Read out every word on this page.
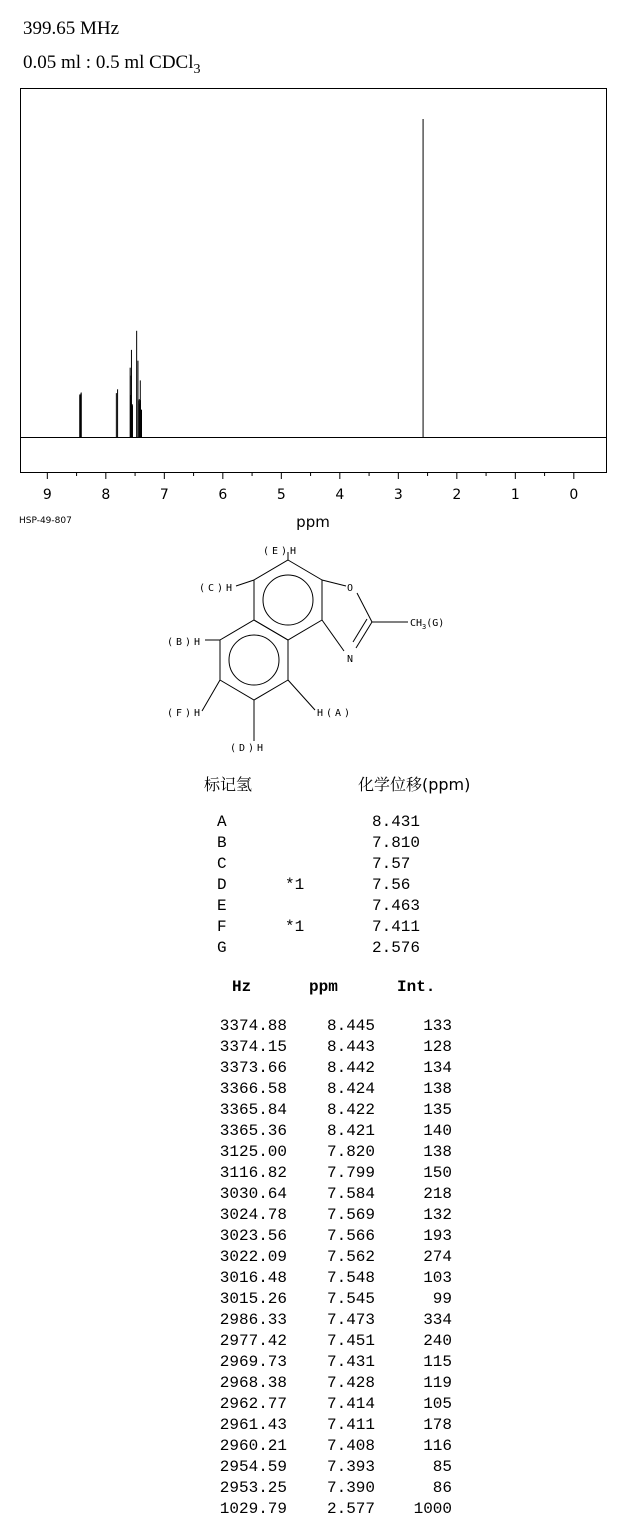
399.65 MHz
0.05 ml : 0.5 ml CDCl$_3$
9	8	7	6	5	4	3	2	1	0
ppm
HSP-49-807
(E)H
(C)H
(B)H
(F)H
(D)H
H(A)
O
N
$CH_3(G)$
标记氢	化学位移(ppm)
A	8.431
B	7.810
C	7.57
D	*1	7.56
E	7.463
F	*1	7.411
G	2.576
Hz	ppm	Int.
3374.88	8.445	133
3374.15	8.443	128
3373.66	8.442	134
3366.58	8.424	138
3365.84	8.422	135
3365.36	8.421	140
3125.00	7.820	138
3116.82	7.799	150
3030.64	7.584	218
3024.78	7.569	132
3023.56	7.566	193
3022.09	7.562	274
3016.48	7.548	103
3015.26	7.545	99
2986.33	7.473	334
2977.42	7.451	240
2969.73	7.431	115
2968.38	7.428	119
2962.77	7.414	105
2961.43	7.411	178
2960.21	7.408	116
2954.59	7.393	85
2953.25	7.390	86
1029.79	2.577	1000
